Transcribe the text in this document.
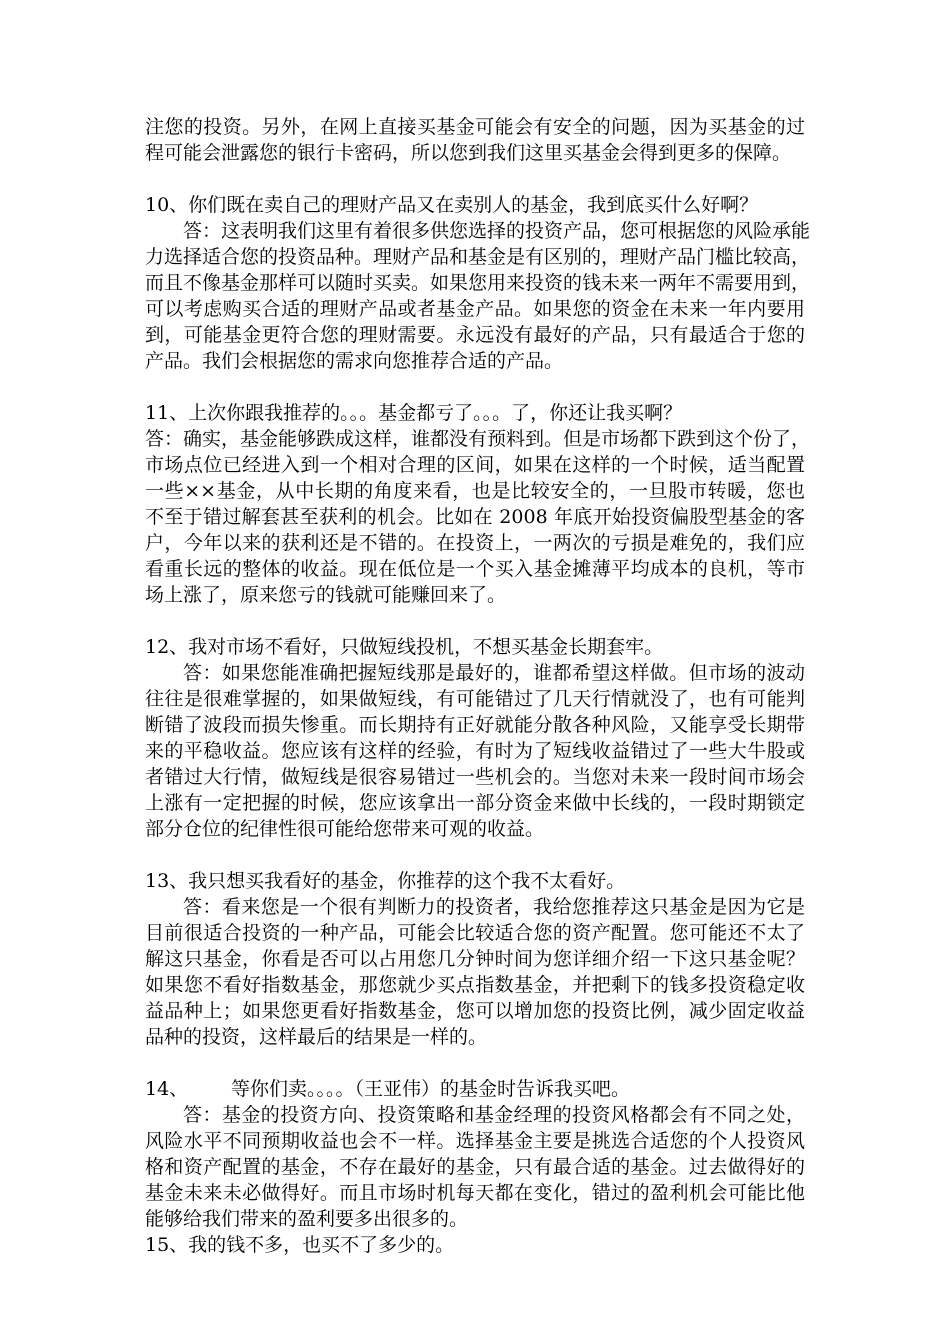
注您的投资。另外，在网上直接买基金可能会有安全的问题，因为买基金的过
程可能会泄露您的银行卡密码，所以您到我们这里买基金会得到更多的保障。
10、你们既在卖自己的理财产品又在卖别人的基金，我到底买什么好啊？
答：这表明我们这里有着很多供您选择的投资产品，您可根据您的风险承能
力选择适合您的投资品种。理财产品和基金是有区别的，理财产品门槛比较高，
而且不像基金那样可以随时买卖。如果您用来投资的钱未来一两年不需要用到，
可以考虑购买合适的理财产品或者基金产品。如果您的资金在未来一年内要用
到，可能基金更符合您的理财需要。永远没有最好的产品，只有最适合于您的
产品。我们会根据您的需求向您推荐合适的产品。
11、上次你跟我推荐的。。。基金都亏了。。。了，你还让我买啊？
答：确实，基金能够跌成这样，谁都没有预料到。但是市场都下跌到这个份了，
市场点位已经进入到一个相对合理的区间，如果在这样的一个时候，适当配置
一些××基金，从中长期的角度来看，也是比较安全的，一旦股市转暖，您也
不至于错过解套甚至获利的机会。比如在 2008 年底开始投资偏股型基金的客
户，今年以来的获利还是不错的。在投资上，一两次的亏损是难免的，我们应
看重长远的整体的收益。现在低位是一个买入基金摊薄平均成本的良机，等市
场上涨了，原来您亏的钱就可能赚回来了。
12、我对市场不看好，只做短线投机，不想买基金长期套牢。
答：如果您能准确把握短线那是最好的，谁都希望这样做。但市场的波动
往往是很难掌握的，如果做短线，有可能错过了几天行情就没了，也有可能判
断错了波段而损失惨重。而长期持有正好就能分散各种风险，又能享受长期带
来的平稳收益。您应该有这样的经验，有时为了短线收益错过了一些大牛股或
者错过大行情，做短线是很容易错过一些机会的。当您对未来一段时间市场会
上涨有一定把握的时候，您应该拿出一部分资金来做中长线的，一段时期锁定
部分仓位的纪律性很可能给您带来可观的收益。
13、我只想买我看好的基金，你推荐的这个我不太看好。
答：看来您是一个很有判断力的投资者，我给您推荐这只基金是因为它是
目前很适合投资的一种产品，可能会比较适合您的资产配置。您可能还不太了
解这只基金，你看是否可以占用您几分钟时间为您详细介绍一下这只基金呢？
如果您不看好指数基金，那您就少买点指数基金，并把剩下的钱多投资稳定收
益品种上；如果您更看好指数基金，您可以增加您的投资比例，减少固定收益
品种的投资，这样最后的结果是一样的。
14、 等你们卖。。。。（王亚伟）的基金时告诉我买吧。
答：基金的投资方向、投资策略和基金经理的投资风格都会有不同之处，
风险水平不同预期收益也会不一样。选择基金主要是挑选合适您的个人投资风
格和资产配置的基金，不存在最好的基金，只有最合适的基金。过去做得好的
基金未来未必做得好。而且市场时机每天都在变化，错过的盈利机会可能比他
能够给我们带来的盈利要多出很多的。
15、我的钱不多，也买不了多少的。
